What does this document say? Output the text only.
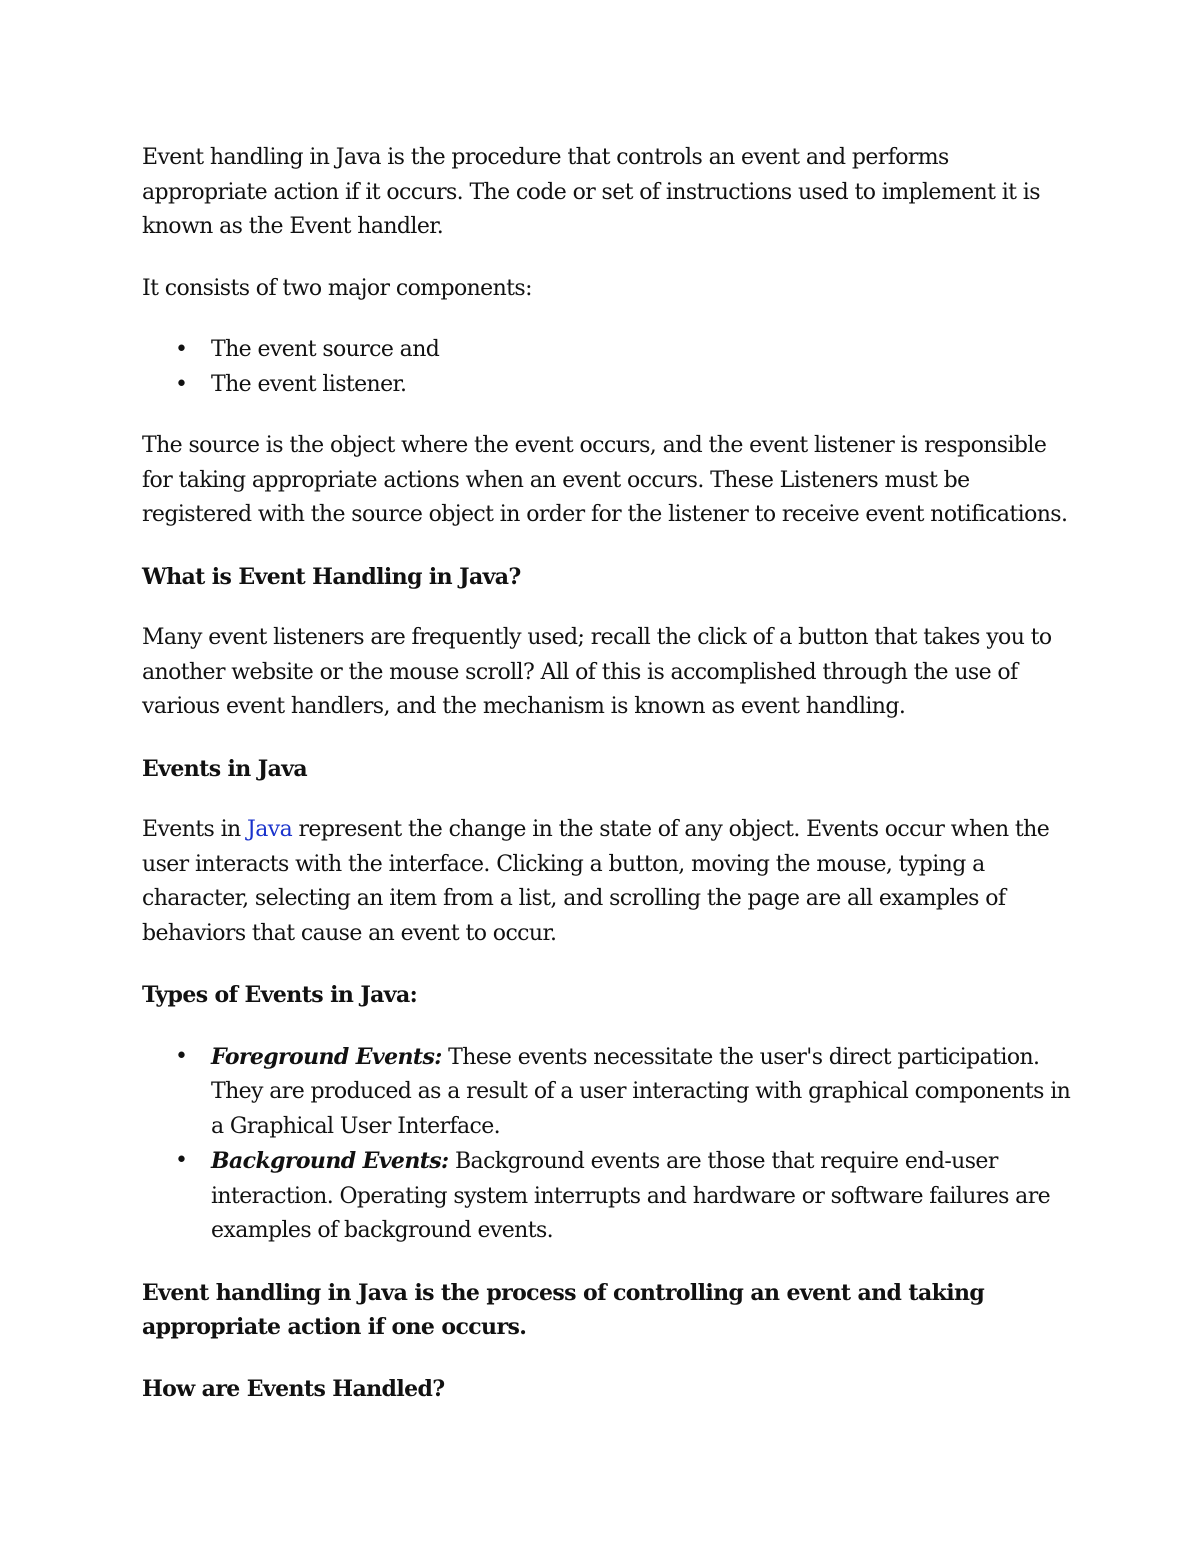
Event handling in Java is the procedure that controls an event and performs appropriate action if it occurs. The code or set of instructions used to implement it is known as the Event handler.

It consists of two major components:

• The event source and
• The event listener.

The source is the object where the event occurs, and the event listener is responsible for taking appropriate actions when an event occurs. These Listeners must be registered with the source object in order for the listener to receive event notifications.

What is Event Handling in Java?

Many event listeners are frequently used; recall the click of a button that takes you to another website or the mouse scroll? All of this is accomplished through the use of various event handlers, and the mechanism is known as event handling.

Events in Java

Events in Java represent the change in the state of any object. Events occur when the user interacts with the interface. Clicking a button, moving the mouse, typing a character, selecting an item from a list, and scrolling the page are all examples of behaviors that cause an event to occur.

Types of Events in Java:

• Foreground Events: These events necessitate the user's direct participation. They are produced as a result of a user interacting with graphical components in a Graphical User Interface.
• Background Events: Background events are those that require end-user interaction. Operating system interrupts and hardware or software failures are examples of background events.

Event handling in Java is the process of controlling an event and taking appropriate action if one occurs.

How are Events Handled?
